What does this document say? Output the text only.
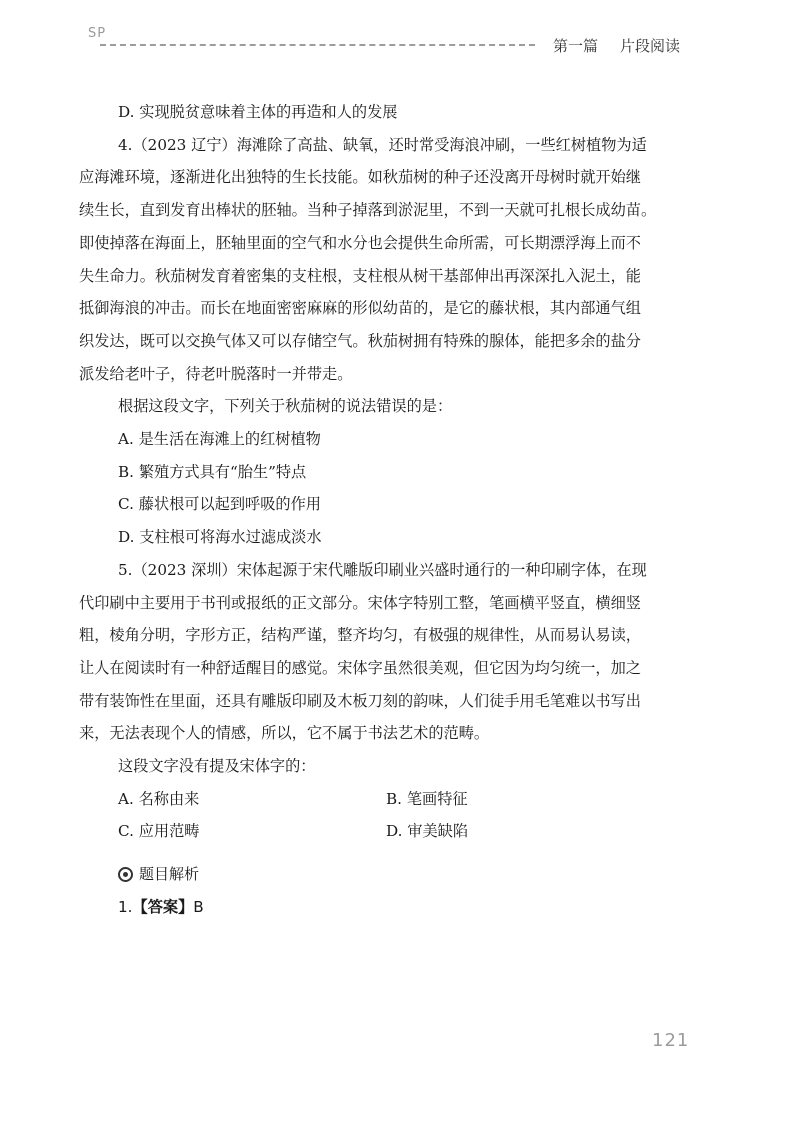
SP
第一篇 片段阅读

D. 实现脱贫意味着主体的再造和人的发展

4.（2023 辽宁）海滩除了高盐、缺氧，还时常受海浪冲刷，一些红树植物为适

应海滩环境，逐渐进化出独特的生长技能。如秋茄树的种子还没离开母树时就开始继

续生长，直到发育出棒状的胚轴。当种子掉落到淤泥里，不到一天就可扎根长成幼苗。

即使掉落在海面上，胚轴里面的空气和水分也会提供生命所需，可长期漂浮海上而不

失生命力。秋茄树发育着密集的支柱根，支柱根从树干基部伸出再深深扎入泥土，能

抵御海浪的冲击。而长在地面密密麻麻的形似幼苗的，是它的藤状根，其内部通气组

织发达，既可以交换气体又可以存储空气。秋茄树拥有特殊的腺体，能把多余的盐分

派发给老叶子，待老叶脱落时一并带走。

根据这段文字，下列关于秋茄树的说法错误的是：

A. 是生活在海滩上的红树植物

B. 繁殖方式具有“胎生”特点

C. 藤状根可以起到呼吸的作用

D. 支柱根可将海水过滤成淡水

5.（2023 深圳）宋体起源于宋代雕版印刷业兴盛时通行的一种印刷字体，在现

代印刷中主要用于书刊或报纸的正文部分。宋体字特别工整，笔画横平竖直，横细竖

粗，棱角分明，字形方正，结构严谨，整齐均匀，有极强的规律性，从而易认易读，

让人在阅读时有一种舒适醒目的感觉。宋体字虽然很美观，但它因为均匀统一，加之

带有装饰性在里面，还具有雕版印刷及木板刀刻的韵味，人们徒手用毛笔难以书写出

来，无法表现个人的情感，所以，它不属于书法艺术的范畴。

这段文字没有提及宋体字的：

A. 名称由来	B. 笔画特征
C. 应用范畴	D. 审美缺陷
题目解析

1.【答案】B

121
